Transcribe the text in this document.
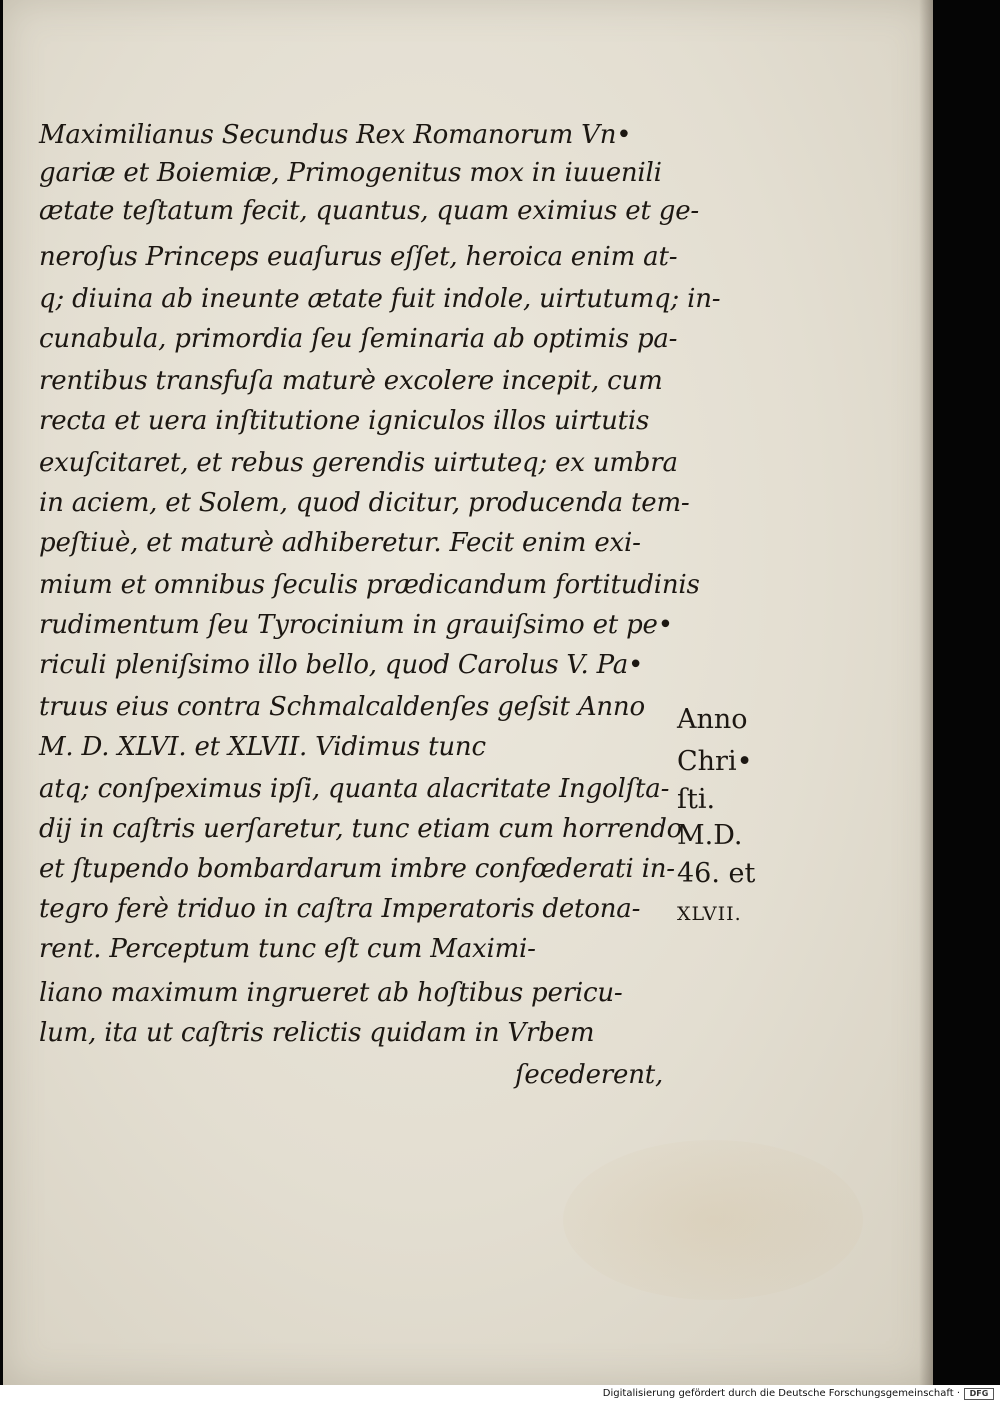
Maximilianus Secundus Rex Romanorum Vn•
gariæ et Boiemiæ, Primogenitus mox in iuuenili
ætate teſtatum fecit, quantus, quam eximius et ge-
neroſus Princeps euaſurus eſſet, heroica enim at-
q; diuina ab ineunte ætate fuit indole, uirtutumq; in-
cunabula, primordia ſeu ſeminaria ab optimis pa-
rentibus transfuſa maturè excolere incepit, cum
recta et uera inſtitutione igniculos illos uirtutis
exuſcitaret, et rebus gerendis uirtuteq; ex umbra
in aciem, et Solem, quod dicitur, producenda tem-
peſtiuè, et maturè adhiberetur. Fecit enim exi-
mium et omnibus ſeculis prædicandum fortitudinis
rudimentum ſeu Tyrocinium in grauiſsimo et pe•
riculi pleniſsimo illo bello, quod Carolus V. Pa•
truus eius contra Schmalcaldenſes geſsit Anno
M. D. XLVI. et XLVII. Vidimus tunc
atq; conſpeximus ipſi, quanta alacritate Ingolſta-
dij in caſtris uerſaretur, tunc etiam cum horrendo
et ſtupendo bombardarum imbre confœderati in-
tegro ferè triduo in caſtra Imperatoris detona-
rent. Perceptum tunc eſt cum Maximi-
liano maximum ingrueret ab hoſtibus pericu-
lum, ita ut caſtris relictis quidam in Vrbem
ſecederent,
Anno
Chri•
ſti.
M.D.
46. et
XLVII.
Digitalisierung gefördert durch die Deutsche Forschungsgemeinschaft ·	DFG
